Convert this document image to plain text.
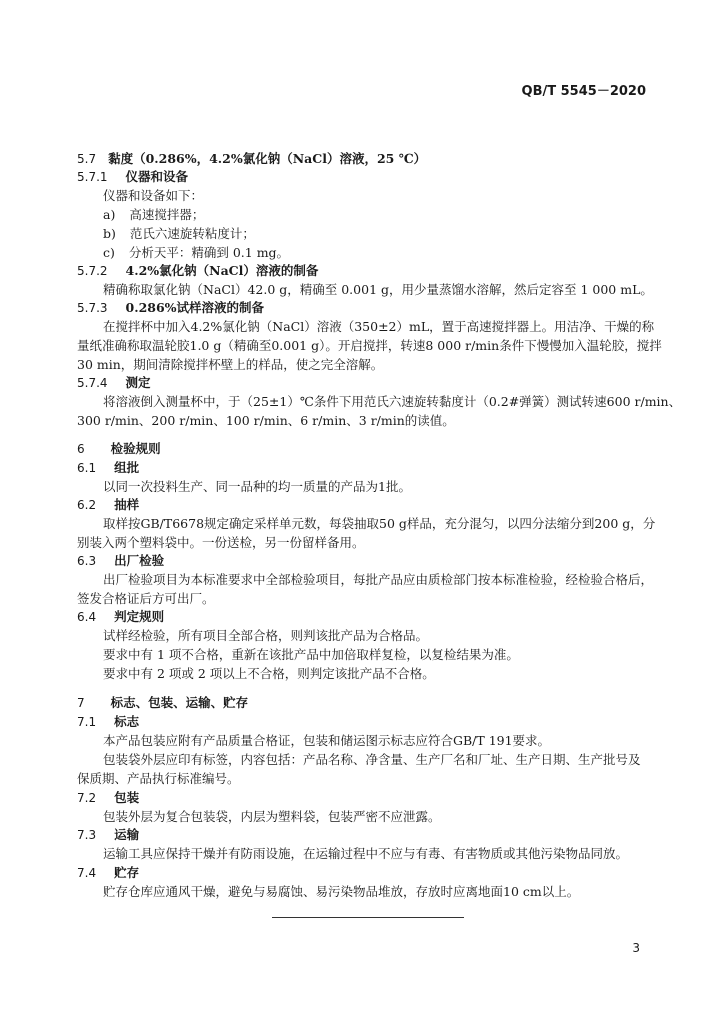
QB/T 5545－2020
5.7 黏度（0.286%，4.2%氯化钠（NaCl）溶液，25 ℃）
5.7.1 仪器和设备
仪器和设备如下：
a) 高速搅拌器；
b) 范氏六速旋转粘度计；
c) 分析天平：精确到 0.1 mg。
5.7.2 4.2%氯化钠（NaCl）溶液的制备
精确称取氯化钠（NaCl）42.0 g，精确至 0.001 g，用少量蒸馏水溶解，然后定容至 1 000 mL。
5.7.3 0.286%试样溶液的制备
在搅拌杯中加入4.2%氯化钠（NaCl）溶液（350±2）mL，置于高速搅拌器上。用洁净、干燥的称
量纸准确称取温轮胶1.0 g（精确至0.001 g）。开启搅拌，转速8 000 r/min条件下慢慢加入温轮胶，搅拌
30 min，期间清除搅拌杯壁上的样品，使之完全溶解。
5.7.4 测定
将溶液倒入测量杯中，于（25±1）℃条件下用范氏六速旋转黏度计（0.2#弹簧）测试转速600 r/min、
300 r/min、200 r/min、100 r/min、6 r/min、3 r/min的读值。
6 检验规则
6.1 组批
以同一次投料生产、同一品种的均一质量的产品为1批。
6.2 抽样
取样按GB/T6678规定确定采样单元数，每袋抽取50 g样品，充分混匀，以四分法缩分到200 g，分
别装入两个塑料袋中。一份送检，另一份留样备用。
6.3 出厂检验
出厂检验项目为本标准要求中全部检验项目，每批产品应由质检部门按本标准检验，经检验合格后，
签发合格证后方可出厂。
6.4 判定规则
试样经检验，所有项目全部合格，则判该批产品为合格品。
要求中有 1 项不合格，重新在该批产品中加倍取样复检，以复检结果为准。
要求中有 2 项或 2 项以上不合格，则判定该批产品不合格。
7 标志、包装、运输、贮存
7.1 标志
本产品包装应附有产品质量合格证，包装和储运图示标志应符合GB/T 191要求。
包装袋外层应印有标签，内容包括：产品名称、净含量、生产厂名和厂址、生产日期、生产批号及
保质期、产品执行标准编号。
7.2 包装
包装外层为复合包装袋，内层为塑料袋，包装严密不应泄露。
7.3 运输
运输工具应保持干燥并有防雨设施，在运输过程中不应与有毒、有害物质或其他污染物品同放。
7.4 贮存
贮存仓库应通风干燥，避免与易腐蚀、易污染物品堆放，存放时应离地面10 cm以上。
3
